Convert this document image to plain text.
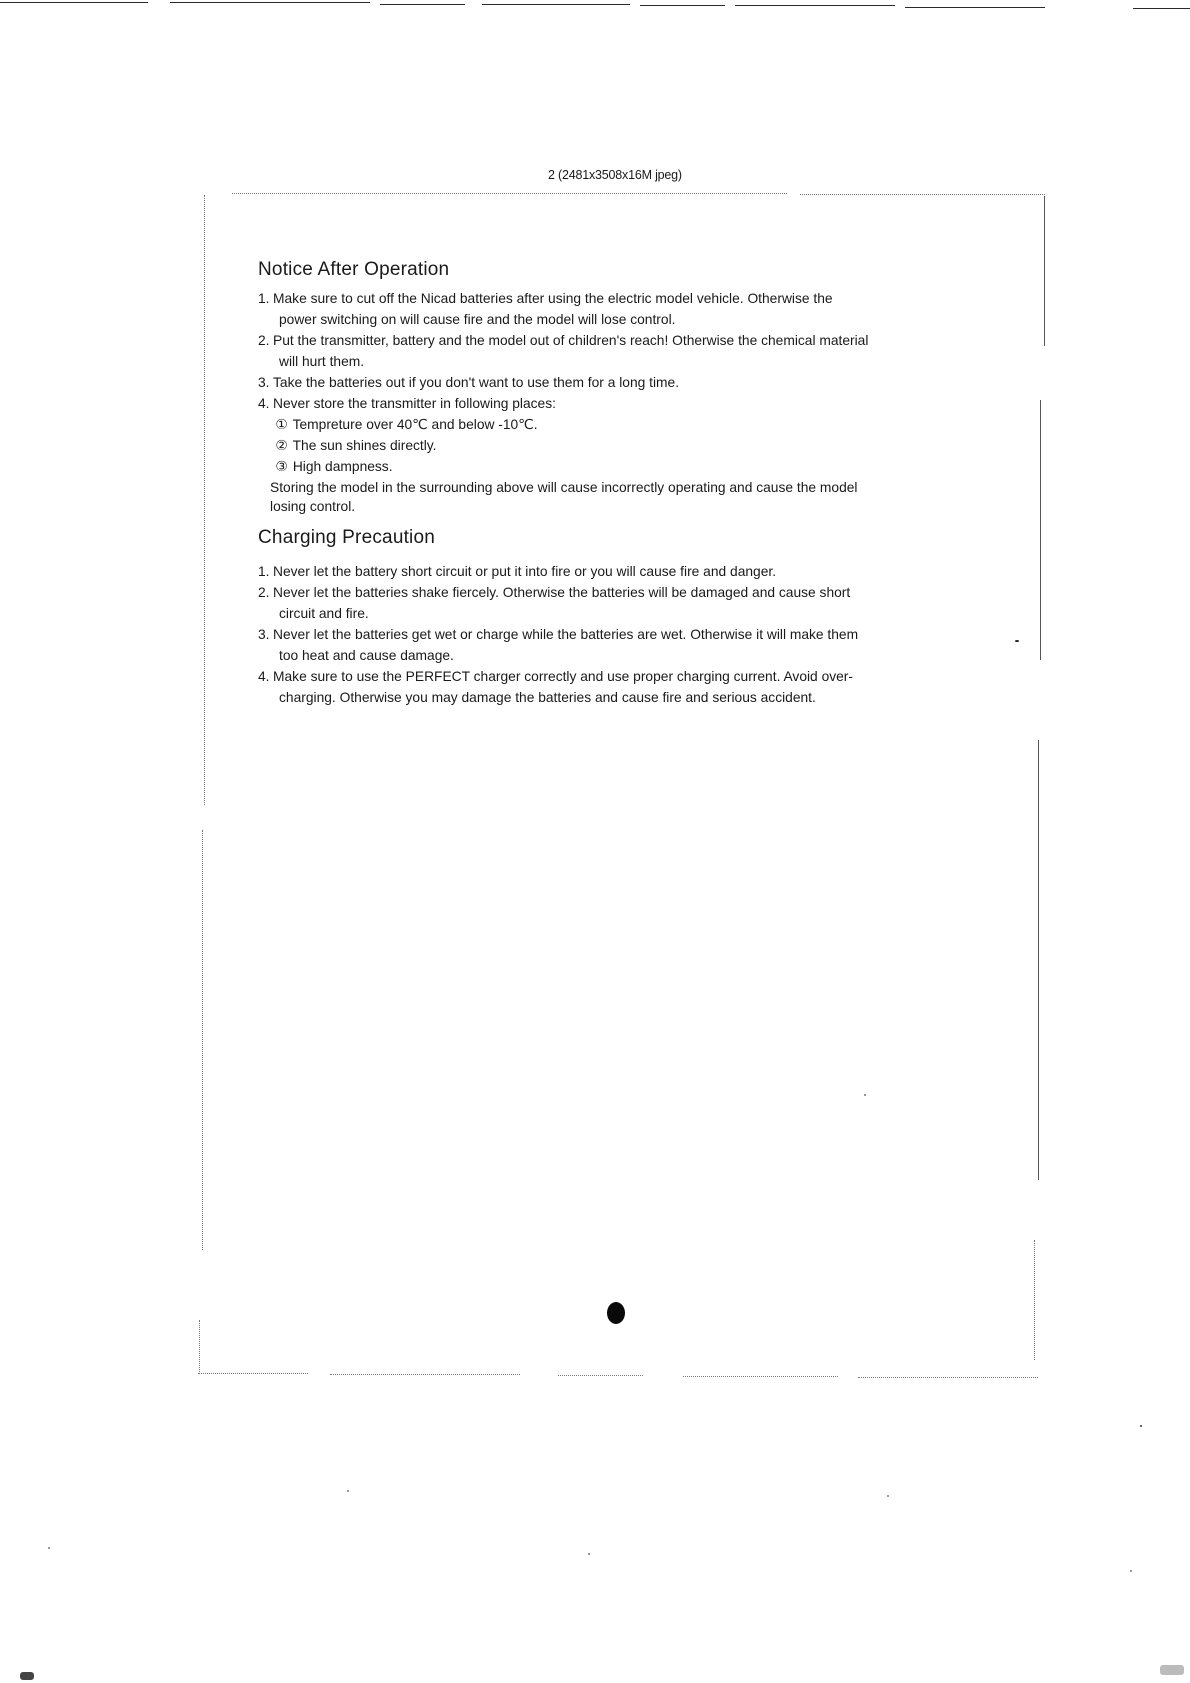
2 (2481x3508x16M jpeg)
Notice After Operation
1. Make sure to cut off the Nicad batteries after using the electric model vehicle. Otherwise the
power switching on will cause fire and the model will lose control.
2. Put the transmitter, battery and the model out of children's reach! Otherwise the chemical material
will hurt them.
3. Take the batteries out if you don't want to use them for a long time.
4. Never store the transmitter in following places:
① Tempreture over 40℃ and below -10℃.
② The sun shines directly.
③ High dampness.
Storing the model in the surrounding above will cause incorrectly operating and cause the model
losing control.
Charging Precaution
1. Never let the battery short circuit or put it into fire or you will cause fire and danger.
2. Never let the batteries shake fiercely. Otherwise the batteries will be damaged and cause short
circuit and fire.
3. Never let the batteries get wet or charge while the batteries are wet. Otherwise it will make them
too heat and cause damage.
4. Make sure to use the PERFECT charger correctly and use proper charging current. Avoid over-
charging. Otherwise you may damage the batteries and cause fire and serious accident.
